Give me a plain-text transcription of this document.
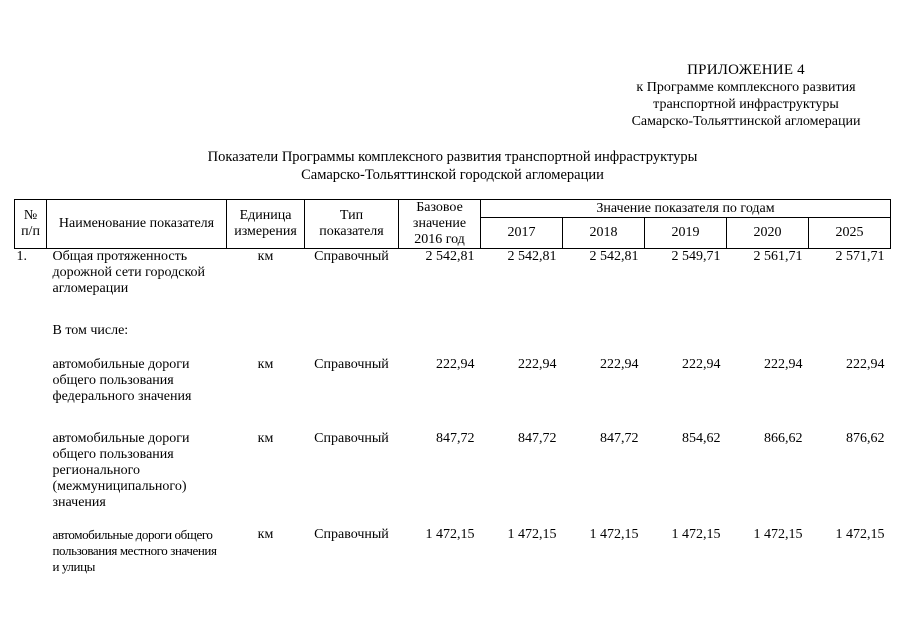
ПРИЛОЖЕНИЕ 4
к Программе комплексного развития
транспортной инфраструктуры
Самарско-Тольяттинской агломерации
Показатели Программы комплексного развития транспортной инфраструктуры
Самарско-Тольяттинской городской агломерации
№ п/п	Наименование показателя	Единица измерения	Тип показателя	Базовое значение 2016 год	Значение показателя по годам				
					2017	2018	2019	2020	2025
1.	Общая протяженность дорожной сети городской агломерации	км	Справочный	2 542,81	2 542,81	2 542,81	2 549,71	2 561,71	2 571,71

	В том числе:								

	автомобильные дороги общего пользования федерального значения	км	Справочный	222,94	222,94	222,94	222,94	222,94	222,94

	автомобильные дороги общего пользования регионального (межмуниципального) значения	км	Справочный	847,72	847,72	847,72	854,62	866,62	876,62

	автомобильные дороги общего пользования местного значения и улицы	км	Справочный	1 472,15	1 472,15	1 472,15	1 472,15	1 472,15	1 472,15
